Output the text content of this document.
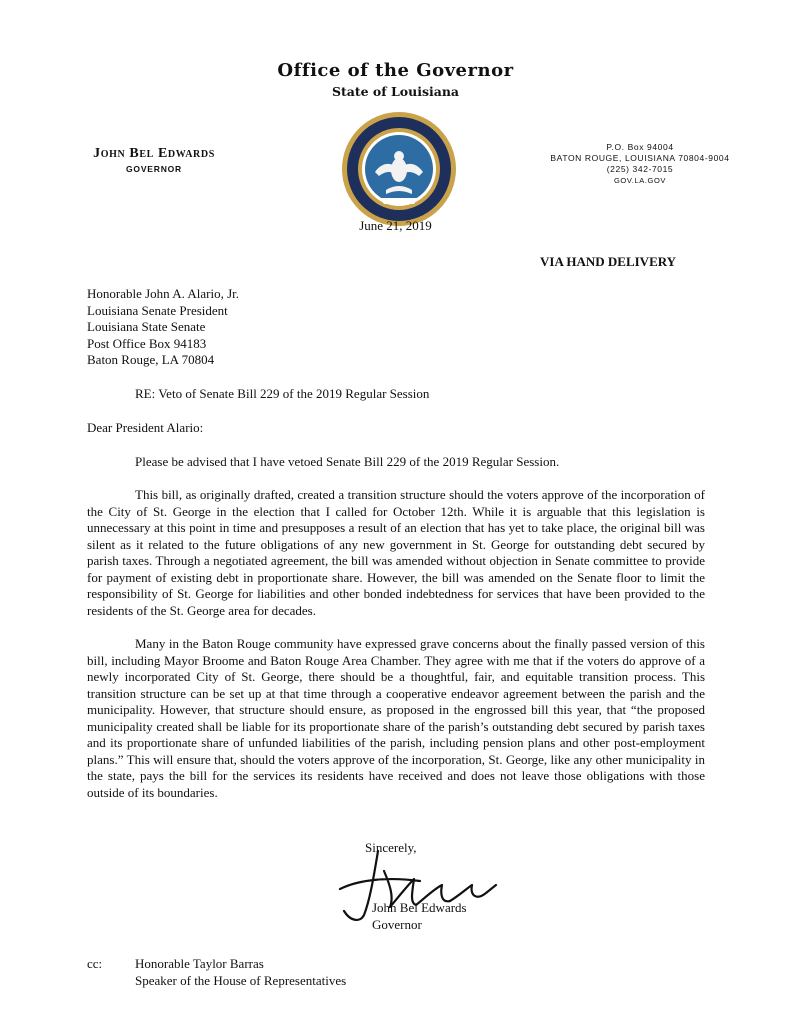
Office of the Governor
State of Louisiana
John Bel Edwards
GOVERNOR
P.O. Box 94004
BATON ROUGE, LOUISIANA 70804-9004
(225) 342-7015
GOV.LA.GOV
June 21, 2019
VIA HAND DELIVERY
Honorable John A. Alario, Jr.
Louisiana Senate President
Louisiana State Senate
Post Office Box 94183
Baton Rouge, LA 70804
RE: Veto of Senate Bill 229 of the 2019 Regular Session
Dear President Alario:
Please be advised that I have vetoed Senate Bill 229 of the 2019 Regular Session.
This bill, as originally drafted, created a transition structure should the voters approve of the incorporation of the City of St. George in the election that I called for October 12th. While it is arguable that this legislation is unnecessary at this point in time and presupposes a result of an election that has yet to take place, the original bill was silent as it related to the future obligations of any new government in St. George for outstanding debt secured by parish taxes. Through a negotiated agreement, the bill was amended without objection in Senate committee to provide for payment of existing debt in proportionate share. However, the bill was amended on the Senate floor to limit the responsibility of St. George for liabilities and other bonded indebtedness for services that have been provided to the residents of the St. George area for decades.
Many in the Baton Rouge community have expressed grave concerns about the finally passed version of this bill, including Mayor Broome and Baton Rouge Area Chamber. They agree with me that if the voters do approve of a newly incorporated City of St. George, there should be a thoughtful, fair, and equitable transition process. This transition structure can be set up at that time through a cooperative endeavor agreement between the parish and the municipality. However, that structure should ensure, as proposed in the engrossed bill this year, that “the proposed municipality created shall be liable for its proportionate share of the parish’s outstanding debt secured by parish taxes and its proportionate share of unfunded liabilities of the parish, including pension plans and other post-employment plans.” This will ensure that, should the voters approve of the incorporation, St. George, like any other municipality in the state, pays the bill for the services its residents have received and does not leave those obligations with those outside of its boundaries.
Sincerely,
John Bel Edwards
Governor
cc:	Honorable Taylor Barras
Speaker of the House of Representatives
